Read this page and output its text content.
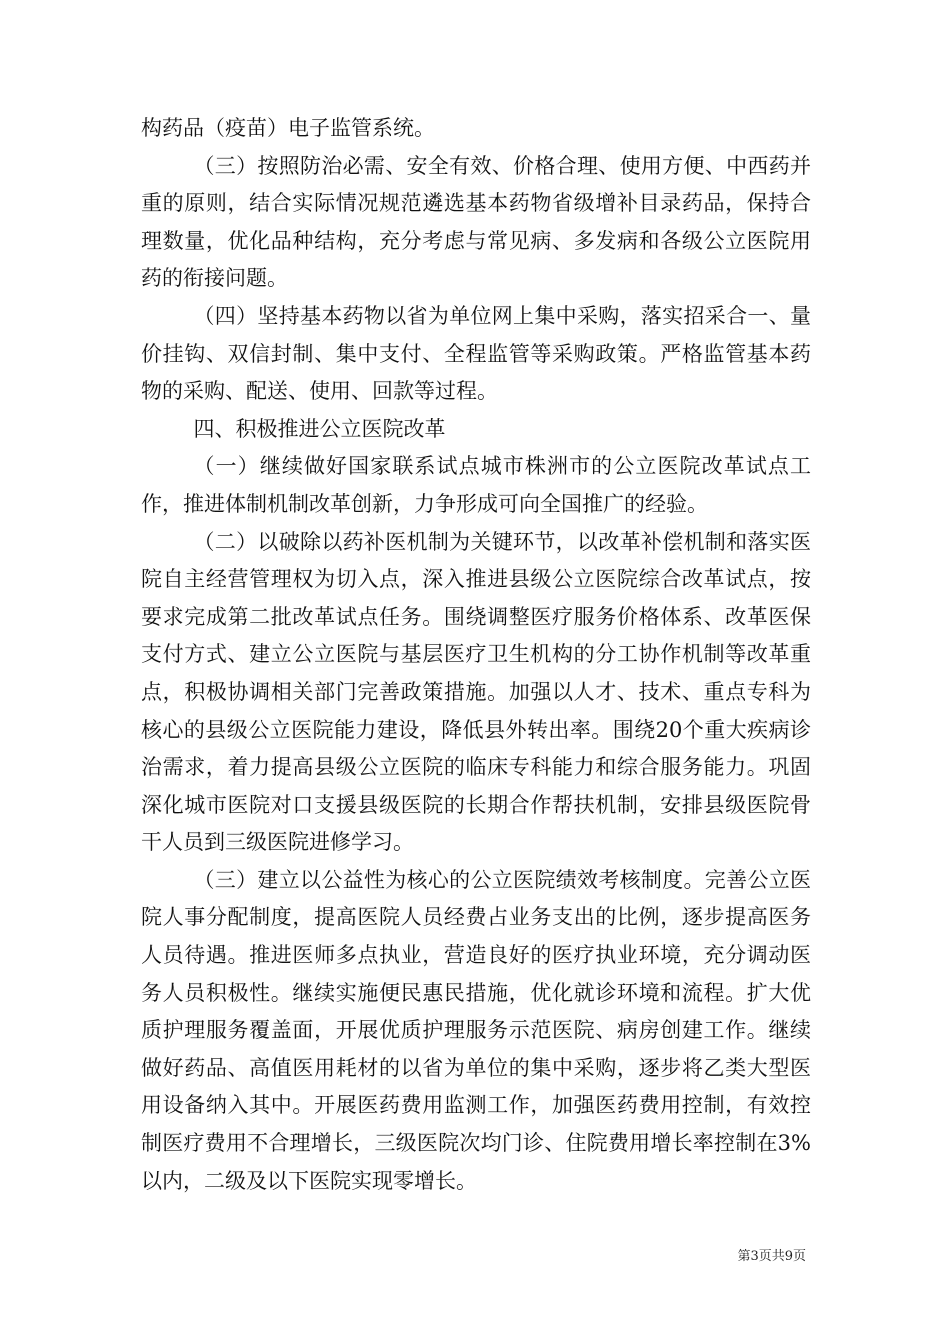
构药品（疫苗）电子监管系统。

（三）按照防治必需、安全有效、价格合理、使用方便、中西药并重的原则，结合实际情况规范遴选基本药物省级增补目录药品，保持合理数量，优化品种结构，充分考虑与常见病、多发病和各级公立医院用药的衔接问题。

（四）坚持基本药物以省为单位网上集中采购，落实招采合一、量价挂钩、双信封制、集中支付、全程监管等采购政策。严格监管基本药物的采购、配送、使用、回款等过程。

四、积极推进公立医院改革

（一）继续做好国家联系试点城市株洲市的公立医院改革试点工作，推进体制机制改革创新，力争形成可向全国推广的经验。

（二）以破除以药补医机制为关键环节，以改革补偿机制和落实医院自主经营管理权为切入点，深入推进县级公立医院综合改革试点，按要求完成第二批改革试点任务。围绕调整医疗服务价格体系、改革医保支付方式、建立公立医院与基层医疗卫生机构的分工协作机制等改革重点，积极协调相关部门完善政策措施。加强以人才、技术、重点专科为核心的县级公立医院能力建设，降低县外转出率。围绕20个重大疾病诊治需求，着力提高县级公立医院的临床专科能力和综合服务能力。巩固深化城市医院对口支援县级医院的长期合作帮扶机制，安排县级医院骨干人员到三级医院进修学习。

（三）建立以公益性为核心的公立医院绩效考核制度。完善公立医院人事分配制度，提高医院人员经费占业务支出的比例，逐步提高医务人员待遇。推进医师多点执业，营造良好的医疗执业环境，充分调动医务人员积极性。继续实施便民惠民措施，优化就诊环境和流程。扩大优质护理服务覆盖面，开展优质护理服务示范医院、病房创建工作。继续做好药品、高值医用耗材的以省为单位的集中采购，逐步将乙类大型医用设备纳入其中。开展医药费用监测工作，加强医药费用控制，有效控制医疗费用不合理增长，三级医院次均门诊、住院费用增长率控制在3%以内，二级及以下医院实现零增长。

第3页共9页
